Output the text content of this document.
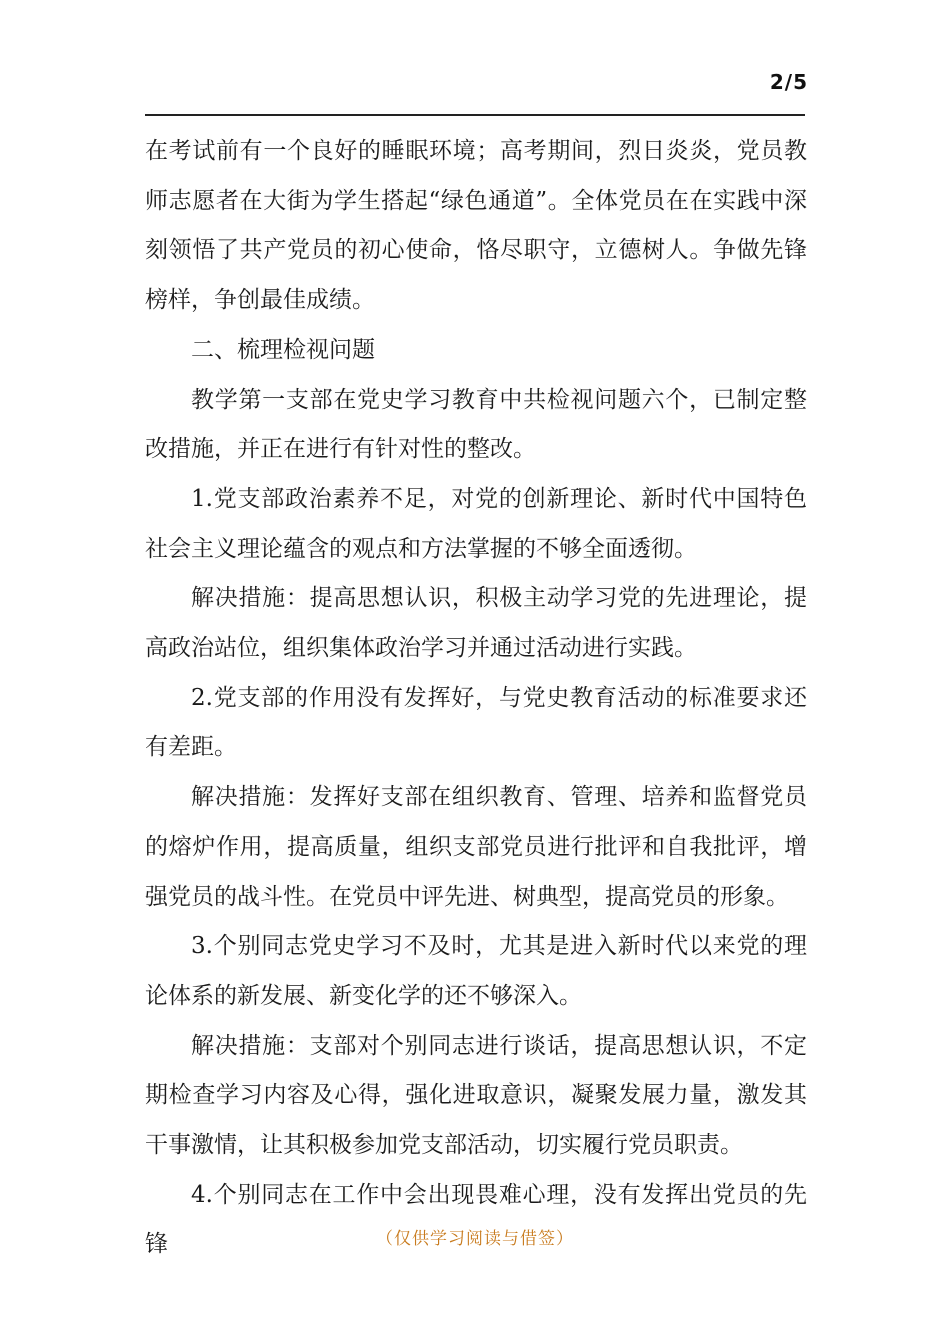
2/5

在考试前有一个良好的睡眠环境；高考期间，烈日炎炎，党员教师志愿者在大街为学生搭起“绿色通道”。全体党员在在实践中深刻领悟了共产党员的初心使命，恪尽职守，立德树人。争做先锋榜样，争创最佳成绩。

二、梳理检视问题

教学第一支部在党史学习教育中共检视问题六个，已制定整改措施，并正在进行有针对性的整改。

1.党支部政治素养不足，对党的创新理论、新时代中国特色社会主义理论蕴含的观点和方法掌握的不够全面透彻。

解决措施：提高思想认识，积极主动学习党的先进理论，提高政治站位，组织集体政治学习并通过活动进行实践。

2.党支部的作用没有发挥好，与党史教育活动的标准要求还有差距。

解决措施：发挥好支部在组织教育、管理、培养和监督党员的熔炉作用，提高质量，组织支部党员进行批评和自我批评，增强党员的战斗性。在党员中评先进、树典型，提高党员的形象。

3.个别同志党史学习不及时，尤其是进入新时代以来党的理论体系的新发展、新变化学的还不够深入。

解决措施：支部对个别同志进行谈话，提高思想认识，不定期检查学习内容及心得，强化进取意识，凝聚发展力量，激发其干事激情，让其积极参加党支部活动，切实履行党员职责。

4.个别同志在工作中会出现畏难心理，没有发挥出党员的先锋	（仅供学习阅读与借签）
